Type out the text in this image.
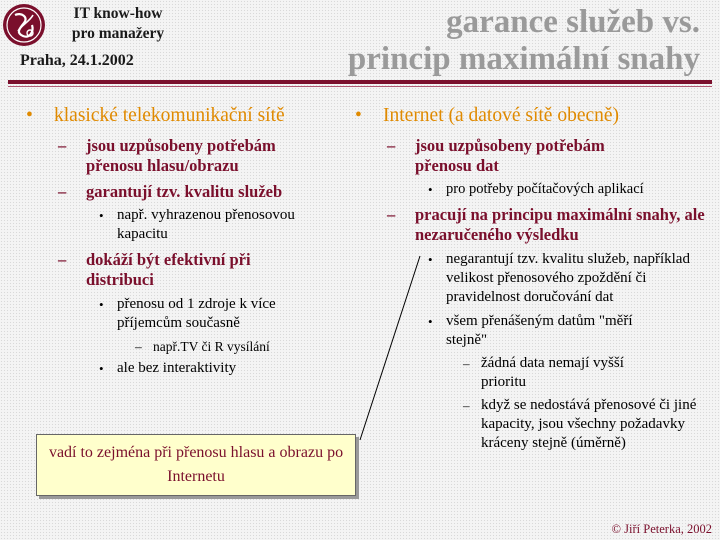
IT know-how
pro manažery
Praha, 24.1.2002
garance služeb vs.
princip maximální snahy
• klasické telekomunikační sítě
– jsou uzpůsobeny potřebám přenosu hlasu/obrazu
– garantují tzv. kvalitu služeb
• např. vyhrazenou přenosovou kapacitu
– dokáží být efektivní při distribuci
• přenosu od 1 zdroje k více příjemcům současně
– např.TV či R vysílání
• ale bez interaktivity
• Internet (a datové sítě obecně)
– jsou uzpůsobeny potřebám přenosu dat
• pro potřeby počítačových aplikací
– pracují na principu maximální snahy, ale nezaručeného výsledku
• negarantují tzv. kvalitu služeb, například velikost přenosového zpoždění či pravidelnost doručování dat
• všem přenášeným datům "měří stejně"
– žádná data nemají vyšší prioritu
– když se nedostává přenosové či jiné kapacity, jsou všechny požadavky kráceny stejně (úměrně)
vadí to zejména při přenosu hlasu a obrazu po Internetu
© Jiří Peterka, 2002
